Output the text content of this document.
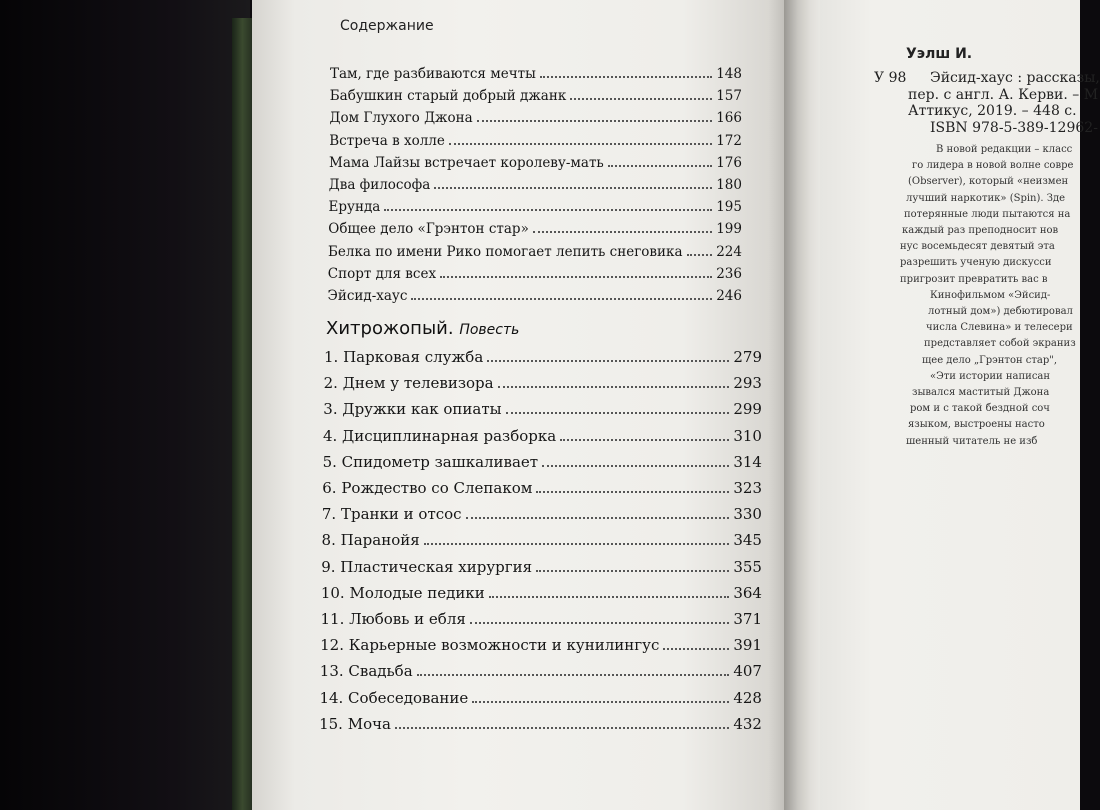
Содержание
Там, где разбиваются мечты	148
Бабушкин старый добрый джанк	157
Дом Глухого Джона	166
Встреча в холле	172
Мама Лайзы встречает королеву-мать	176
Два философа	180
Ерунда	195
Общее дело «Грэнтон стар»	199
Белка по имени Рико помогает лепить снеговика 224
Спорт для всех	236
Эйсид-хаус	246
Хитрожопый. Повесть
1. Парковая служба	279
2. Днем у телевизора	293
3. Дружки как опиаты	299
4. Дисциплинарная разборка	310
5. Спидометр зашкаливает	314
6. Рождество со Слепаком	323
7. Транки и отсос	330
8. Паранойя	345
9. Пластическая хирургия	355
10. Молодые педики	364
11. Любовь и ебля	371
12. Карьерные возможности и кунилингус	391
13. Свадьба	407
14. Собеседование	428
15. Моча	432
Уэлш И.
У 98 Эйсид-хаус : рассказы,
пер. с англ. А. Керви. – М
Аттикус, 2019. – 448 с.
ISBN 978-5-389-12962-
В новой редакции – класс
го лидера в новой волне совре
(Observer), который «неизмен
лучший наркотик» (Spin). Зде
потерянные люди пытаются на
каждый раз преподносит нов
нус восемьдесят девятый эта
разрешить ученую дискусси
пригрозит превратить вас в
Кинофильмом «Эйсид-
лотный дом») дебютировал
числа Слевина» и телесери
представляет собой экраниз
щее дело „Грэнтон стар",
«Эти истории написан
зывался маститый Джона
ром и с такой бездной соч
языком, выстроены насто
шенный читатель не изб
